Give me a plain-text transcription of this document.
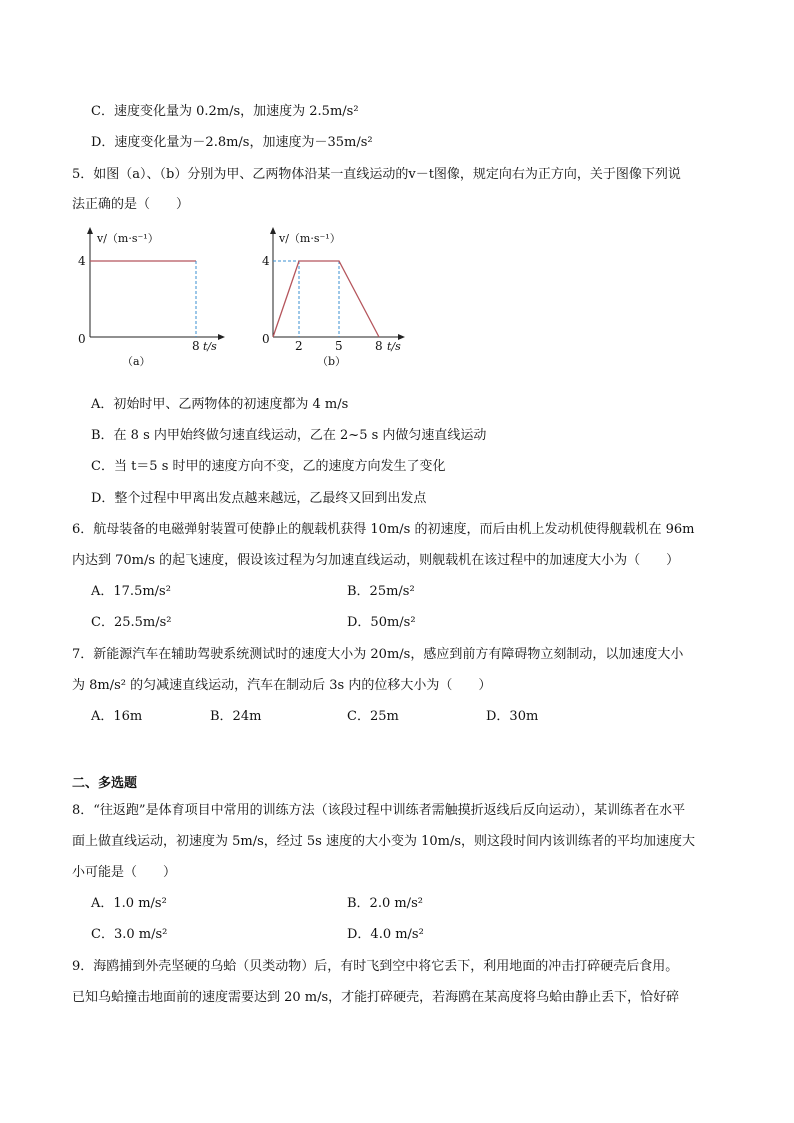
C．速度变化量为 0.2m/s，加速度为 2.5m/s²
D．速度变化量为－2.8m/s，加速度为－35m/s²
5．如图（a）、（b）分别为甲、乙两物体沿某一直线运动的v－t图像，规定向右为正方向，关于图像下列说
法正确的是（　　）
v/（m·s⁻¹）
4
0	8 t/s
（a）
v/（m·s⁻¹）
4
0 2	5	8 t/s
（b）
A．初始时甲、乙两物体的初速度都为 4 m/s
B．在 8 s 内甲始终做匀速直线运动，乙在 2~5 s 内做匀速直线运动
C．当 t＝5 s 时甲的速度方向不变，乙的速度方向发生了变化
D．整个过程中甲离出发点越来越远，乙最终又回到出发点
6．航母装备的电磁弹射装置可使静止的舰载机获得 10m/s 的初速度，而后由机上发动机使得舰载机在 96m
内达到 70m/s 的起飞速度，假设该过程为匀加速直线运动，则舰载机在该过程中的加速度大小为（　　）
A．17.5m/s²	B．25m/s²
C．25.5m/s²	D．50m/s²
7．新能源汽车在辅助驾驶系统测试时的速度大小为 20m/s，感应到前方有障碍物立刻制动，以加速度大小
为 8m/s² 的匀减速直线运动，汽车在制动后 3s 内的位移大小为（　　）
A．16m	B．24m	C．25m	D．30m
二、多选题
8．“往返跑”是体育项目中常用的训练方法（该段过程中训练者需触摸折返线后反向运动），某训练者在水平
面上做直线运动，初速度为 5m/s，经过 5s 速度的大小变为 10m/s，则这段时间内该训练者的平均加速度大
小可能是（　　）
A．1.0 m/s²	B．2.0 m/s²
C．3.0 m/s²	D．4.0 m/s²
9．海鸥捕到外壳坚硬的乌蛤（贝类动物）后，有时飞到空中将它丢下，利用地面的冲击打碎硬壳后食用。
已知乌蛤撞击地面前的速度需要达到 20 m/s，才能打碎硬壳，若海鸥在某高度将乌蛤由静止丢下，恰好碎
